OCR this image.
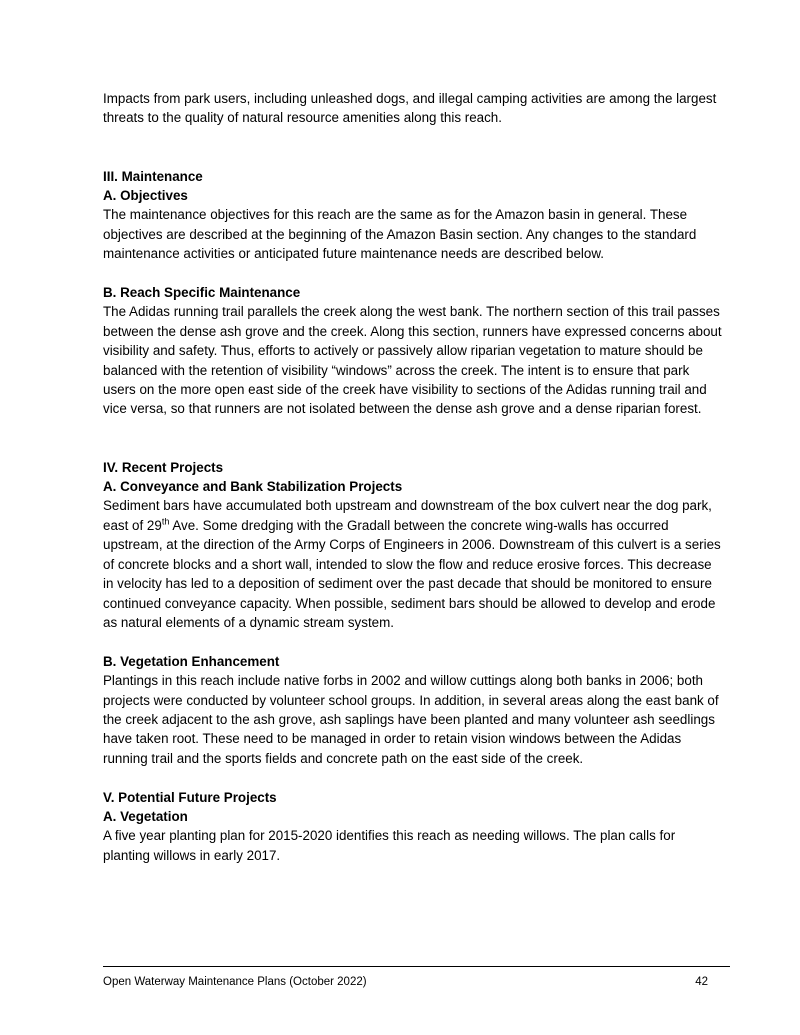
Impacts from park users, including unleashed dogs, and illegal camping activities are among the largest threats to the quality of natural resource amenities along this reach.

III. Maintenance

A. Objectives

The maintenance objectives for this reach are the same as for the Amazon basin in general. These objectives are described at the beginning of the Amazon Basin section. Any changes to the standard maintenance activities or anticipated future maintenance needs are described below.

B. Reach Specific Maintenance

The Adidas running trail parallels the creek along the west bank. The northern section of this trail passes between the dense ash grove and the creek. Along this section, runners have expressed concerns about visibility and safety. Thus, efforts to actively or passively allow riparian vegetation to mature should be balanced with the retention of visibility “windows” across the creek. The intent is to ensure that park users on the more open east side of the creek have visibility to sections of the Adidas running trail and vice versa, so that runners are not isolated between the dense ash grove and a dense riparian forest.

IV. Recent Projects

A. Conveyance and Bank Stabilization Projects

Sediment bars have accumulated both upstream and downstream of the box culvert near the dog park, east of 29th Ave. Some dredging with the Gradall between the concrete wing-walls has occurred upstream, at the direction of the Army Corps of Engineers in 2006. Downstream of this culvert is a series of concrete blocks and a short wall, intended to slow the flow and reduce erosive forces. This decrease in velocity has led to a deposition of sediment over the past decade that should be monitored to ensure continued conveyance capacity. When possible, sediment bars should be allowed to develop and erode as natural elements of a dynamic stream system.

B. Vegetation Enhancement

Plantings in this reach include native forbs in 2002 and willow cuttings along both banks in 2006; both projects were conducted by volunteer school groups. In addition, in several areas along the east bank of the creek adjacent to the ash grove, ash saplings have been planted and many volunteer ash seedlings have taken root. These need to be managed in order to retain vision windows between the Adidas running trail and the sports fields and concrete path on the east side of the creek.

V. Potential Future Projects

A. Vegetation

A five year planting plan for 2015-2020 identifies this reach as needing willows. The plan calls for planting willows in early 2017.

Open Waterway Maintenance Plans (October 2022)	42
